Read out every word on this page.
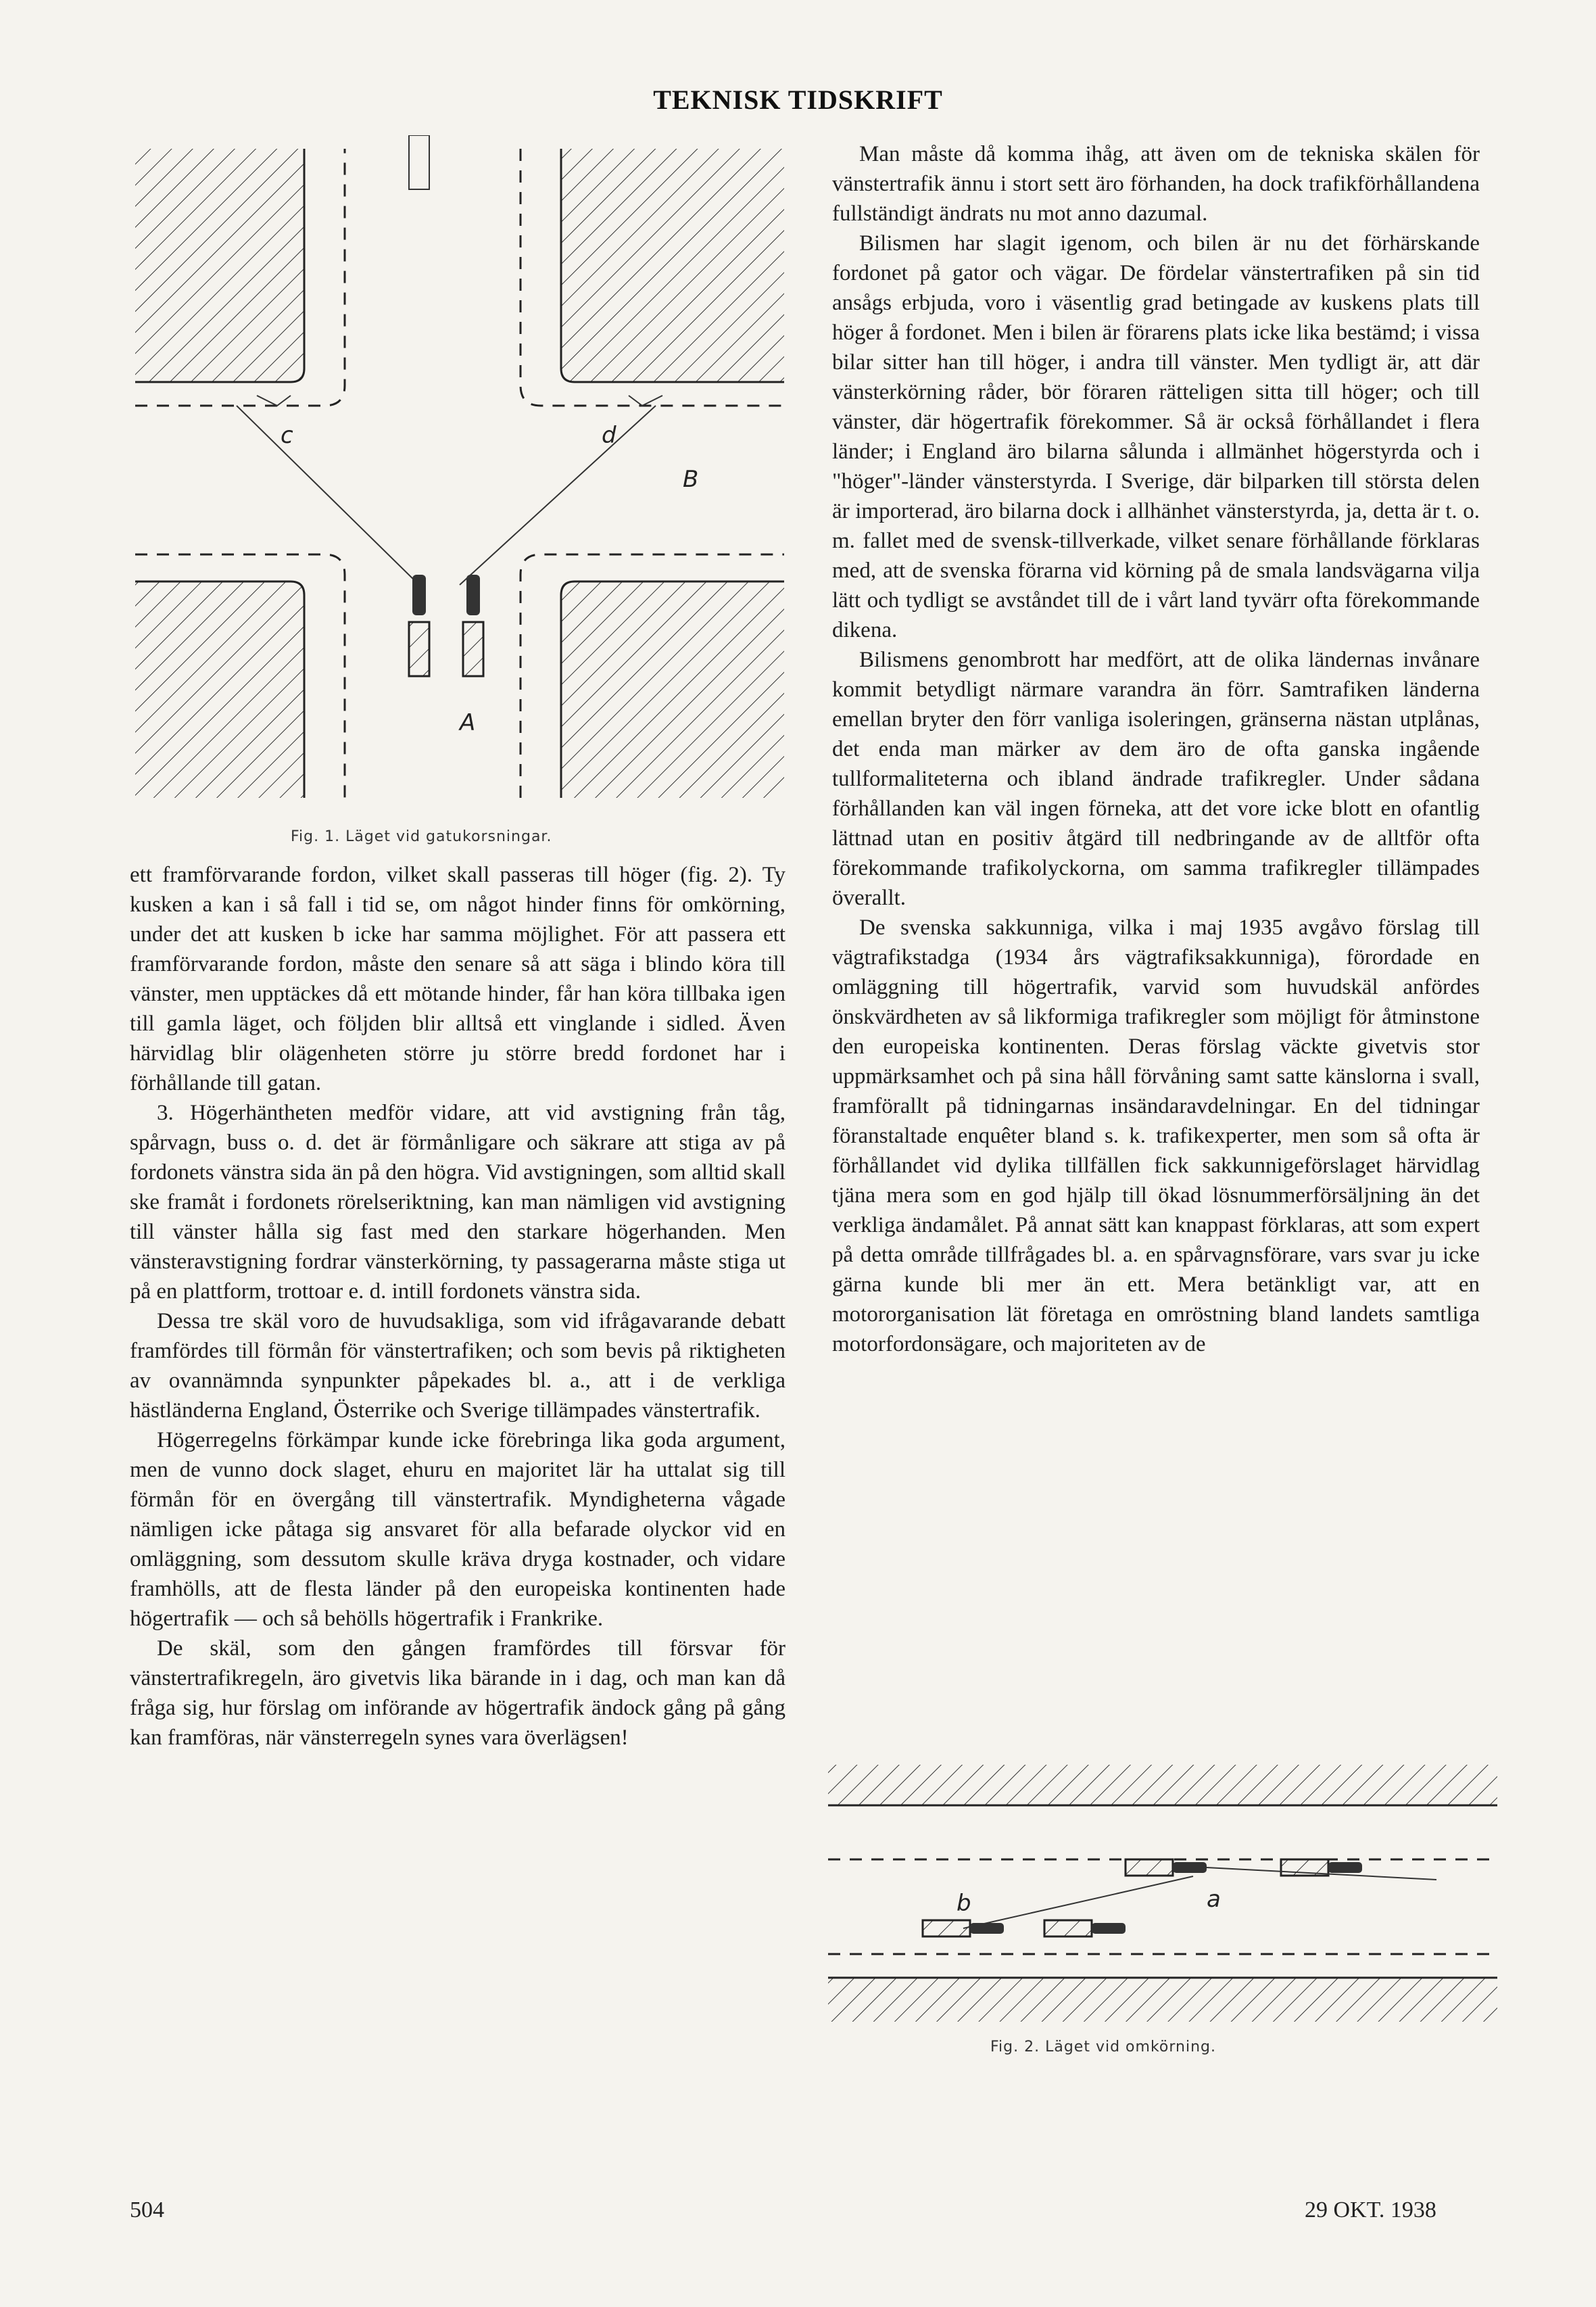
TEKNISK TIDSKRIFT
c	d
B
A
Fig. 1. Läget vid gatukorsningar.

ett framförvarande fordon, vilket skall passeras till höger (fig. 2). Ty kusken a kan i så fall i tid se, om något hinder finns för omkörning, under det att kusken b icke har samma möjlighet. För att passera ett framförvarande fordon, måste den senare så att säga i blindo köra till vänster, men upptäckes då ett mötande hinder, får han köra tillbaka igen till gamla läget, och följden blir alltså ett vinglande i sidled. Även härvidlag blir olägenheten större ju större bredd fordonet har i förhållande till gatan.

3. Högerhäntheten medför vidare, att vid avstigning från tåg, spårvagn, buss o. d. det är förmånligare och säkrare att stiga av på fordonets vänstra sida än på den högra. Vid avstigningen, som alltid skall ske framåt i fordonets rörelseriktning, kan man nämligen vid avstigning till vänster hålla sig fast med den starkare högerhanden. Men vänsteravstigning fordrar vänsterkörning, ty passagerarna måste stiga ut på en plattform, trottoar e. d. intill fordonets vänstra sida.

Dessa tre skäl voro de huvudsakliga, som vid ifrågavarande debatt framfördes till förmån för vänstertrafiken; och som bevis på riktigheten av ovannämnda synpunkter påpekades bl. a., att i de verkliga hästländerna England, Österrike och Sverige tillämpades vänstertrafik.

Högerregelns förkämpar kunde icke förebringa lika goda argument, men de vunno dock slaget, ehuru en majoritet lär ha uttalat sig till förmån för en övergång till vänstertrafik. Myndigheterna vågade nämligen icke påtaga sig ansvaret för alla befarade olyckor vid en omläggning, som dessutom skulle kräva dryga kostnader, och vidare framhölls, att de flesta länder på den europeiska kontinenten hade högertrafik — och så behölls högertrafik i Frankrike.

De skäl, som den gången framfördes till försvar för vänstertrafikregeln, äro givetvis lika bärande in i dag, och man kan då fråga sig, hur förslag om införande av högertrafik ändock gång på gång kan framföras, när vänsterregeln synes vara överlägsen!

Man måste då komma ihåg, att även om de tekniska skälen för vänstertrafik ännu i stort sett äro förhanden, ha dock trafikförhållandena fullständigt ändrats nu mot anno dazumal.

Bilismen har slagit igenom, och bilen är nu det förhärskande fordonet på gator och vägar. De fördelar vänstertrafiken på sin tid ansågs erbjuda, voro i väsentlig grad betingade av kuskens plats till höger å fordonet. Men i bilen är förarens plats icke lika bestämd; i vissa bilar sitter han till höger, i andra till vänster. Men tydligt är, att där vänsterkörning råder, bör föraren rätteligen sitta till höger; och till vänster, där högertrafik förekommer. Så är också förhållandet i flera länder; i England äro bilarna sålunda i allmänhet högerstyrda och i "höger"-länder vänsterstyrda. I Sverige, där bilparken till största delen är importerad, äro bilarna dock i allhänhet vänsterstyrda, ja, detta är t. o. m. fallet med de svensk-tillverkade, vilket senare förhållande förklaras med, att de svenska förarna vid körning på de smala landsvägarna vilja lätt och tydligt se avståndet till de i vårt land tyvärr ofta förekommande dikena.

Bilismens genombrott har medfört, att de olika ländernas invånare kommit betydligt närmare varandra än förr. Samtrafiken länderna emellan bryter den förr vanliga isoleringen, gränserna nästan utplånas, det enda man märker av dem äro de ofta ganska ingående tullformaliteterna och ibland ändrade trafikregler. Under sådana förhållanden kan väl ingen förneka, att det vore icke blott en ofantlig lättnad utan en positiv åtgärd till nedbringande av de alltför ofta förekommande trafikolyckorna, om samma trafikregler tillämpades överallt.

De svenska sakkunniga, vilka i maj 1935 avgåvo förslag till vägtrafikstadga (1934 års vägtrafiksakkunniga), förordade en omläggning till högertrafik, varvid som huvudskäl anfördes önskvärdheten av så likformiga trafikregler som möjligt för åtminstone den europeiska kontinenten. Deras förslag väckte givetvis stor uppmärksamhet och på sina håll förvåning samt satte känslorna i svall, framförallt på tidningarnas insändaravdelningar. En del tidningar föranstaltade enquêter bland s. k. trafikexperter, men som så ofta är förhållandet vid dylika tillfällen fick sakkunnigeförslaget härvidlag tjäna mera som en god hjälp till ökad lösnummerförsäljning än det verkliga ändamålet. På annat sätt kan knappast förklaras, att som expert på detta område tillfrågades bl. a. en spårvagnsförare, vars svar ju icke gärna kunde bli mer än ett. Mera betänkligt var, att en motororganisation lät företaga en omröstning bland landets samtliga motorfordonsägare, och majoriteten av de

a
b
Fig. 2. Läget vid omkörning.
504	29 OKT. 1938
